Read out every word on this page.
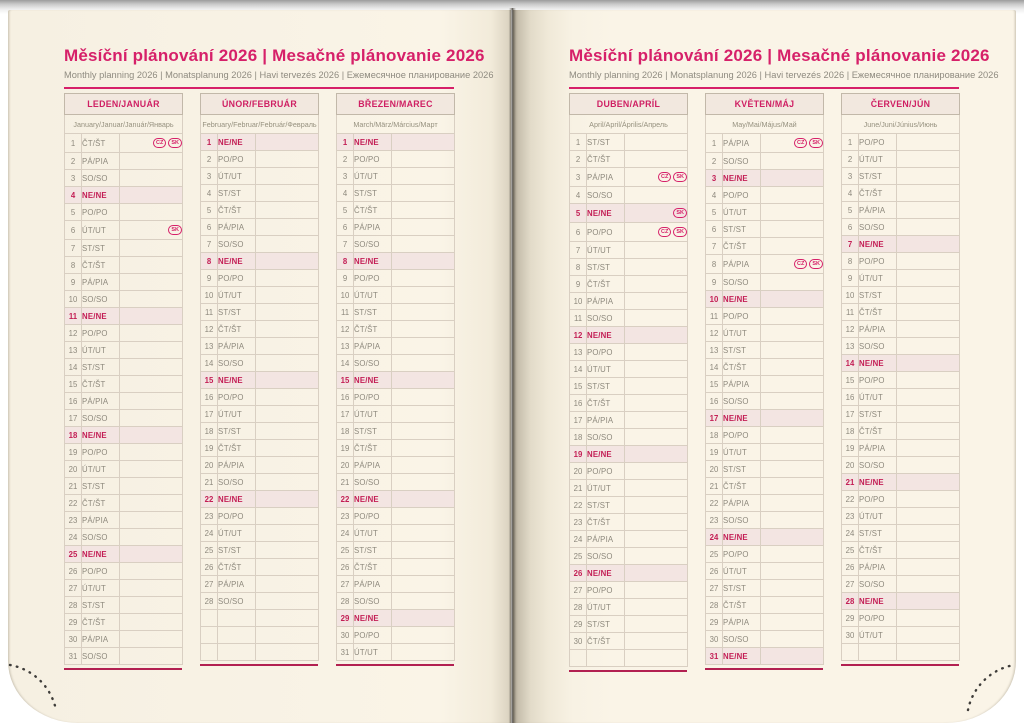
Měsíční plánování 2026 | Mesačné plánovanie 2026
Monthly planning 2026 | Monatsplanung 2026 | Havi tervezés 2026 | Ежемесячное планирование 2026
LEDEN/JANUÁR		
January/Januar/Január/Январь		
1	ČT/ŠT	CZ SK
2	PÁ/PIA	
3	SO/SO	
4	NE/NE	
5	PO/PO	
6	ÚT/UT	SK
7	ST/ST	
8	ČT/ŠT	
9	PÁ/PIA	
10	SO/SO	
11	NE/NE	
12	PO/PO	
13	ÚT/UT	
14	ST/ST	
15	ČT/ŠT	
16	PÁ/PIA	
17	SO/SO	
18	NE/NE	
19	PO/PO	
20	ÚT/UT	
21	ST/ST	
22	ČT/ŠT	
23	PÁ/PIA	
24	SO/SO	
25	NE/NE	
26	PO/PO	
27	ÚT/UT	
28	ST/ST	
29	ČT/ŠT	
30	PÁ/PIA	
31	SO/SO	
ÚNOR/FEBRUÁR		
February/Februar/Február/Февраль		
1	NE/NE	
2	PO/PO	
3	ÚT/UT	
4	ST/ST	
5	ČT/ŠT	
6	PÁ/PIA	
7	SO/SO	
8	NE/NE	
9	PO/PO	
10	ÚT/UT	
11	ST/ST	
12	ČT/ŠT	
13	PÁ/PIA	
14	SO/SO	
15	NE/NE	
16	PO/PO	
17	ÚT/UT	
18	ST/ST	
19	ČT/ŠT	
20	PÁ/PIA	
21	SO/SO	
22	NE/NE	
23	PO/PO	
24	ÚT/UT	
25	ST/ST	
26	ČT/ŠT	
27	PÁ/PIA	
28	SO/SO	

BŘEZEN/MAREC		
March/März/Március/Март		
1	NE/NE	
2	PO/PO	
3	ÚT/UT	
4	ST/ST	
5	ČT/ŠT	
6	PÁ/PIA	
7	SO/SO	
8	NE/NE	
9	PO/PO	
10	ÚT/UT	
11	ST/ST	
12	ČT/ŠT	
13	PÁ/PIA	
14	SO/SO	
15	NE/NE	
16	PO/PO	
17	ÚT/UT	
18	ST/ST	
19	ČT/ŠT	
20	PÁ/PIA	
21	SO/SO	
22	NE/NE	
23	PO/PO	
24	ÚT/UT	
25	ST/ST	
26	ČT/ŠT	
27	PÁ/PIA	
28	SO/SO	
29	NE/NE	
30	PO/PO	
31	ÚT/UT	
Měsíční plánování 2026 | Mesačné plánovanie 2026
Monthly planning 2026 | Monatsplanung 2026 | Havi tervezés 2026 | Ежемесячное планирование 2026
DUBEN/APRÍL		
April/April/Április/Апрель		
1	ST/ST	
2	ČT/ŠT	
3	PÁ/PIA	CZ SK
4	SO/SO	
5	NE/NE	SK
6	PO/PO	CZ SK
7	ÚT/UT	
8	ST/ST	
9	ČT/ŠT	
10	PÁ/PIA	
11	SO/SO	
12	NE/NE	
13	PO/PO	
14	ÚT/UT	
15	ST/ST	
16	ČT/ŠT	
17	PÁ/PIA	
18	SO/SO	
19	NE/NE	
20	PO/PO	
21	ÚT/UT	
22	ST/ST	
23	ČT/ŠT	
24	PÁ/PIA	
25	SO/SO	
26	NE/NE	
27	PO/PO	
28	ÚT/UT	
29	ST/ST	
30	ČT/ŠT	

KVĚTEN/MÁJ		
May/Mai/Május/Май		
1	PÁ/PIA	CZ SK
2	SO/SO	
3	NE/NE	
4	PO/PO	
5	ÚT/UT	
6	ST/ST	
7	ČT/ŠT	
8	PÁ/PIA	CZ SK
9	SO/SO	
10	NE/NE	
11	PO/PO	
12	ÚT/UT	
13	ST/ST	
14	ČT/ŠT	
15	PÁ/PIA	
16	SO/SO	
17	NE/NE	
18	PO/PO	
19	ÚT/UT	
20	ST/ST	
21	ČT/ŠT	
22	PÁ/PIA	
23	SO/SO	
24	NE/NE	
25	PO/PO	
26	ÚT/UT	
27	ST/ST	
28	ČT/ŠT	
29	PÁ/PIA	
30	SO/SO	
31	NE/NE	
ČERVEN/JÚN		
June/Juni/Június/Июнь		
1	PO/PO	
2	ÚT/UT	
3	ST/ST	
4	ČT/ŠT	
5	PÁ/PIA	
6	SO/SO	
7	NE/NE	
8	PO/PO	
9	ÚT/UT	
10	ST/ST	
11	ČT/ŠT	
12	PÁ/PIA	
13	SO/SO	
14	NE/NE	
15	PO/PO	
16	ÚT/UT	
17	ST/ST	
18	ČT/ŠT	
19	PÁ/PIA	
20	SO/SO	
21	NE/NE	
22	PO/PO	
23	ÚT/UT	
24	ST/ST	
25	ČT/ŠT	
26	PÁ/PIA	
27	SO/SO	
28	NE/NE	
29	PO/PO	
30	ÚT/UT	
